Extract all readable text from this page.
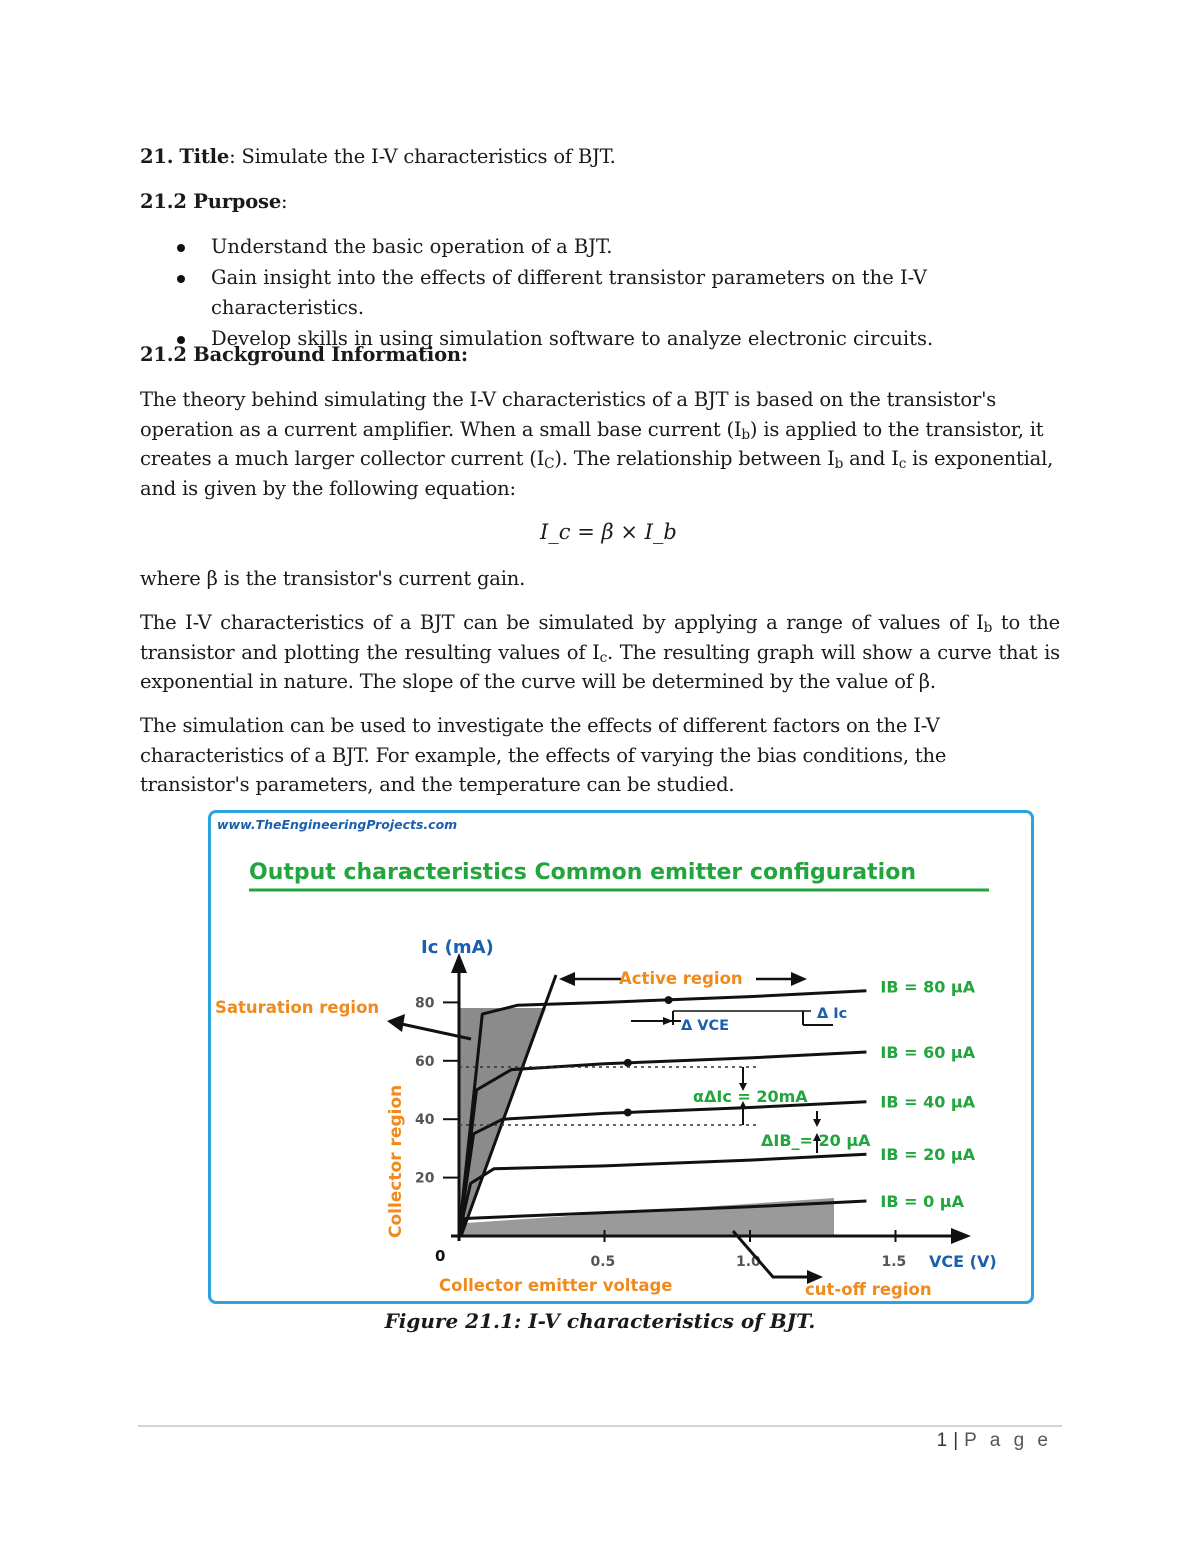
21. Title: Simulate the I-V characteristics of BJT.
21.2 Purpose:
Understand the basic operation of a BJT.
Gain insight into the effects of different transistor parameters on the I-V characteristics.
Develop skills in using simulation software to analyze electronic circuits.
21.2 Background Information:
The theory behind simulating the I-V characteristics of a BJT is based on the transistor's operation as a current amplifier. When a small base current $(I_b)$ is applied to the transistor, it creates a much larger collector current $(I_C)$. The relationship between $I_b$ and $I_c$ is exponential, and is given by the following equation:
I_c = β × I_b
where β is the transistor's current gain.
The I-V characteristics of a BJT can be simulated by applying a range of values of $I_b$ to the transistor and plotting the resulting values of $I_c$. The resulting graph will show a curve that is exponential in nature. The slope of the curve will be determined by the value of β.
The simulation can be used to investigate the effects of different factors on the I-V characteristics of a BJT. For example, the effects of varying the bias conditions, the transistor's parameters, and the temperature can be studied.
www.TheEngineeringProjects.com
Output characteristics Common emitter configuration
80
60
40
20
0.5	1.0	1.5
Ic (mA)
VCE (V)
Collector emitter voltage
Saturation region
Active region
cut-off region
Collector region
Δ VCE
Δ Ic
αΔIc = 20mA
ΔIB_= 20 μA
0
IB = 80 μA
IB = 60 μA
IB = 40 μA
IB = 20 μA
IB = 0 μA
Figure 21.1: I-V characteristics of BJT.
1 | P a g e
